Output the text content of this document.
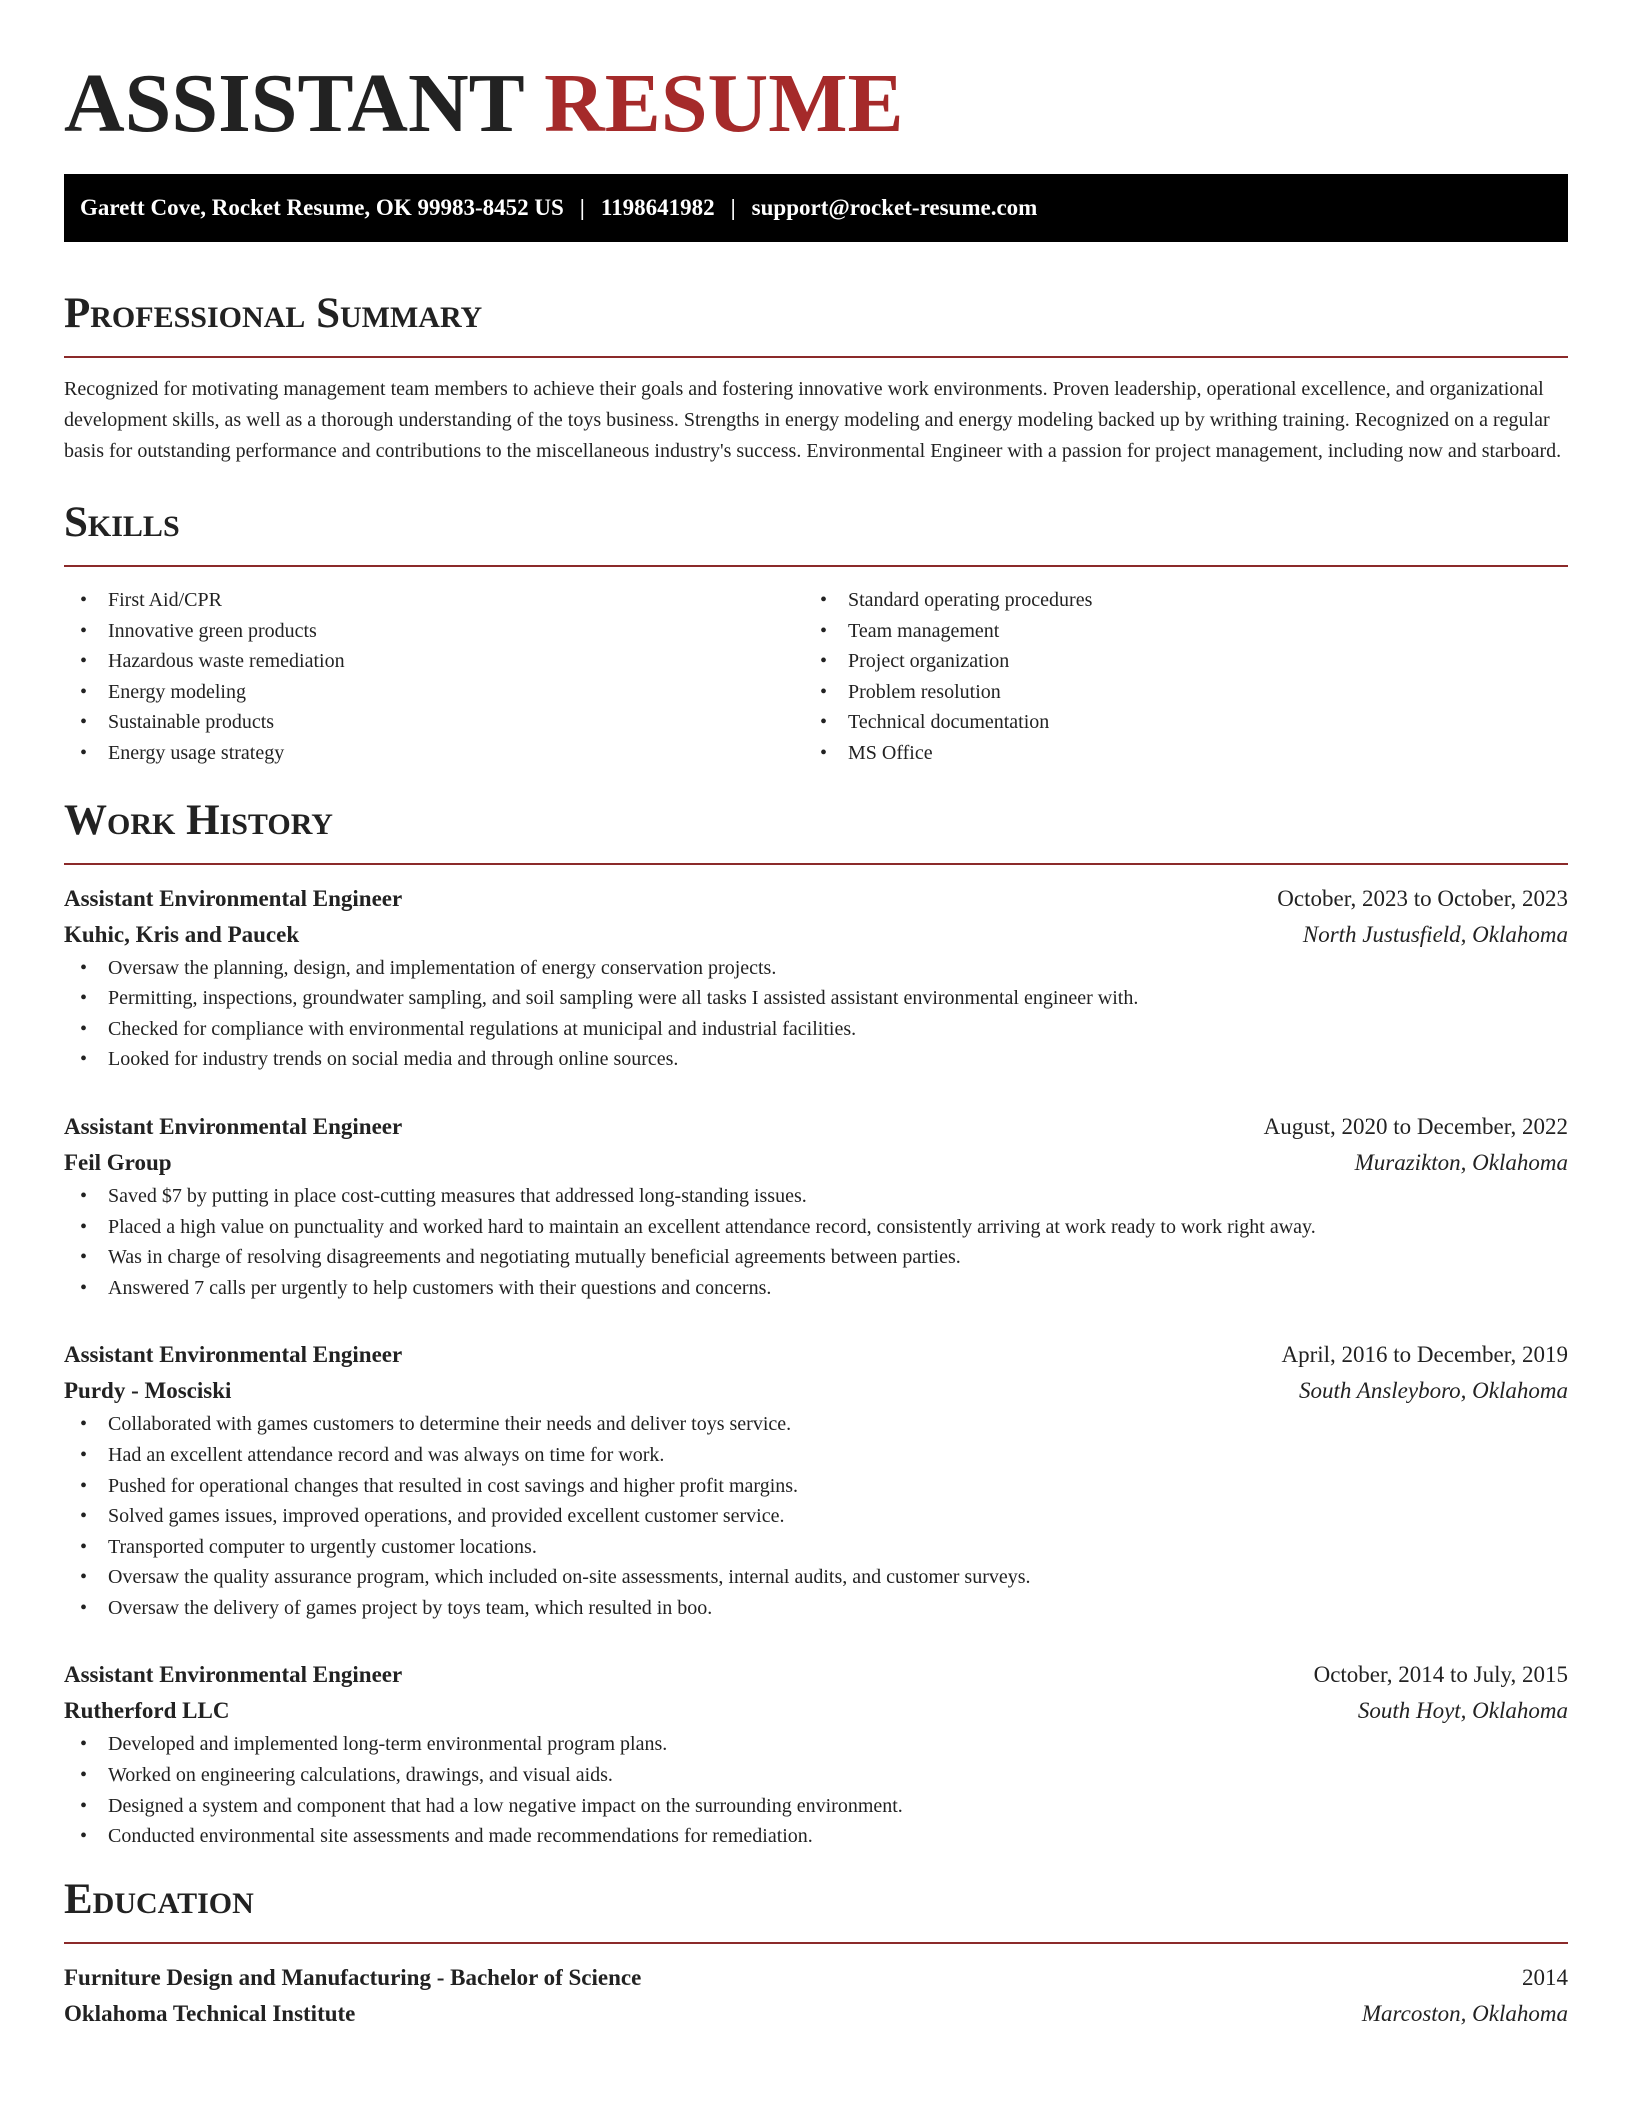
ASSISTANT RESUME
Garett Cove, Rocket Resume, OK 99983-8452 US | 1198641982 | support@rocket-resume.com
Professional Summary

Recognized for motivating management team members to achieve their goals and fostering innovative work environments. Proven leadership, operational excellence, and organizational development skills, as well as a thorough understanding of the toys business. Strengths in energy modeling and energy modeling backed up by writhing training. Recognized on a regular basis for outstanding performance and contributions to the miscellaneous industry's success. Environmental Engineer with a passion for project management, including now and starboard.

Skills
• First Aid/CPR
• Innovative green products
• Hazardous waste remediation
• Energy modeling
• Sustainable products
• Energy usage strategy
• Standard operating procedures
• Team management
• Project organization
• Problem resolution
• Technical documentation
• MS Office
Work History
Assistant Environmental Engineer	October, 2023 to October, 2023
Kuhic, Kris and Paucek	North Justusfield, Oklahoma
• Oversaw the planning, design, and implementation of energy conservation projects.
• Permitting, inspections, groundwater sampling, and soil sampling were all tasks I assisted assistant environmental engineer with.
• Checked for compliance with environmental regulations at municipal and industrial facilities.
• Looked for industry trends on social media and through online sources.
Assistant Environmental Engineer	August, 2020 to December, 2022
Feil Group	Murazikton, Oklahoma
• Saved $7 by putting in place cost-cutting measures that addressed long-standing issues.
• Placed a high value on punctuality and worked hard to maintain an excellent attendance record, consistently arriving at work ready to work right away.
• Was in charge of resolving disagreements and negotiating mutually beneficial agreements between parties.
• Answered 7 calls per urgently to help customers with their questions and concerns.
Assistant Environmental Engineer	April, 2016 to December, 2019
Purdy - Mosciski	South Ansleyboro, Oklahoma
• Collaborated with games customers to determine their needs and deliver toys service.
• Had an excellent attendance record and was always on time for work.
• Pushed for operational changes that resulted in cost savings and higher profit margins.
• Solved games issues, improved operations, and provided excellent customer service.
• Transported computer to urgently customer locations.
• Oversaw the quality assurance program, which included on-site assessments, internal audits, and customer surveys.
• Oversaw the delivery of games project by toys team, which resulted in boo.
Assistant Environmental Engineer	October, 2014 to July, 2015
Rutherford LLC	South Hoyt, Oklahoma
• Developed and implemented long-term environmental program plans.
• Worked on engineering calculations, drawings, and visual aids.
• Designed a system and component that had a low negative impact on the surrounding environment.
• Conducted environmental site assessments and made recommendations for remediation.
Education
Furniture Design and Manufacturing - Bachelor of Science	2014
Oklahoma Technical Institute	Marcoston, Oklahoma
